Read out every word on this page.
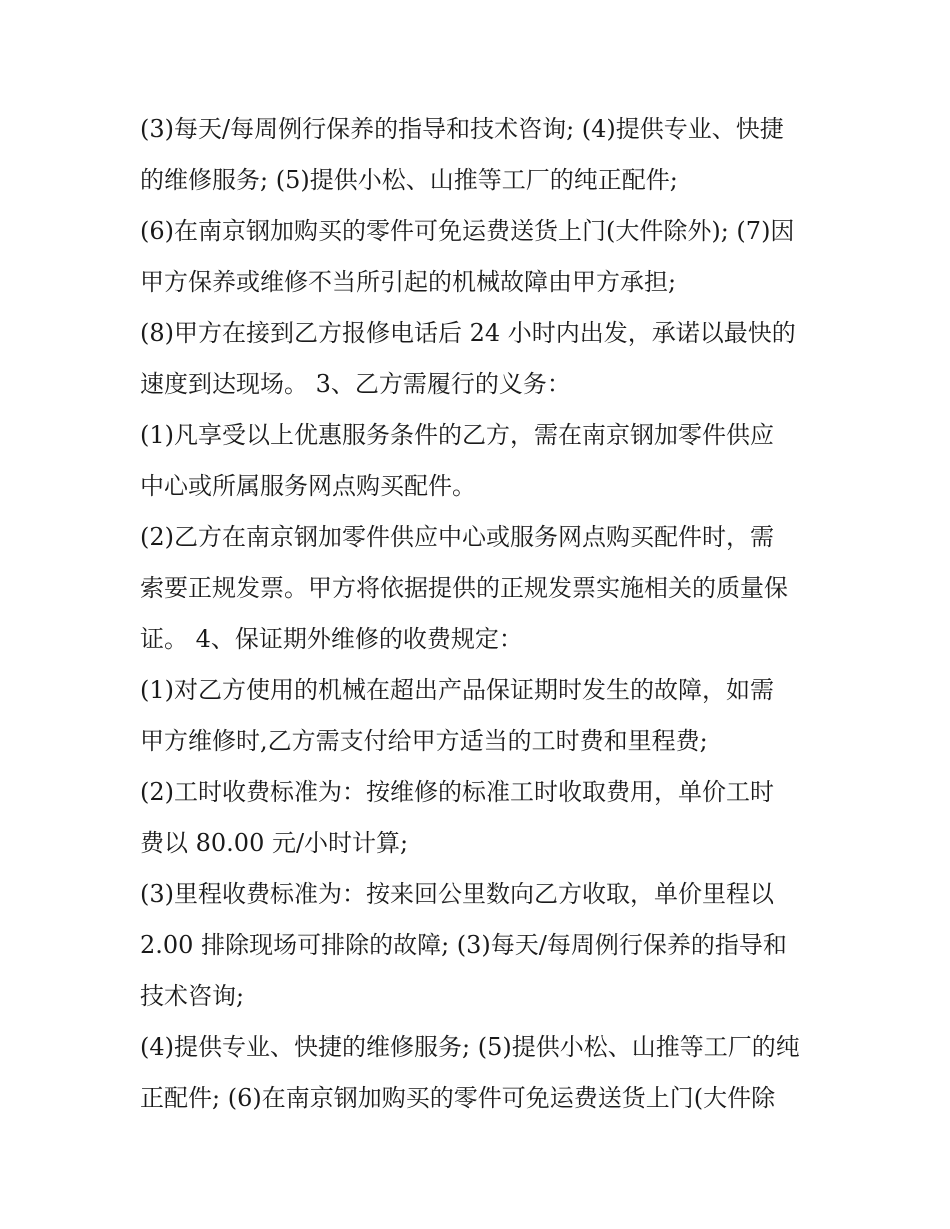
(3)每天/每周例行保养的指导和技术咨询; (4)提供专业、快捷
的维修服务; (5)提供小松、山推等工厂的纯正配件;
(6)在南京钢加购买的零件可免运费送货上门(大件除外); (7)因
甲方保养或维修不当所引起的机械故障由甲方承担;
(8)甲方在接到乙方报修电话后 24 小时内出发，承诺以最快的
速度到达现场。 3、乙方需履行的义务：
(1)凡享受以上优惠服务条件的乙方，需在南京钢加零件供应
中心或所属服务网点购买配件。
(2)乙方在南京钢加零件供应中心或服务网点购买配件时，需
索要正规发票。甲方将依据提供的正规发票实施相关的质量保
证。 4、保证期外维修的收费规定：
(1)对乙方使用的机械在超出产品保证期时发生的故障，如需
甲方维修时,乙方需支付给甲方适当的工时费和里程费;
(2)工时收费标准为：按维修的标准工时收取费用，单价工时
费以 80.00 元/小时计算;
(3)里程收费标准为：按来回公里数向乙方收取，单价里程以
2.00 排除现场可排除的故障; (3)每天/每周例行保养的指导和
技术咨询;
(4)提供专业、快捷的维修服务; (5)提供小松、山推等工厂的纯
正配件; (6)在南京钢加购买的零件可免运费送货上门(大件除
